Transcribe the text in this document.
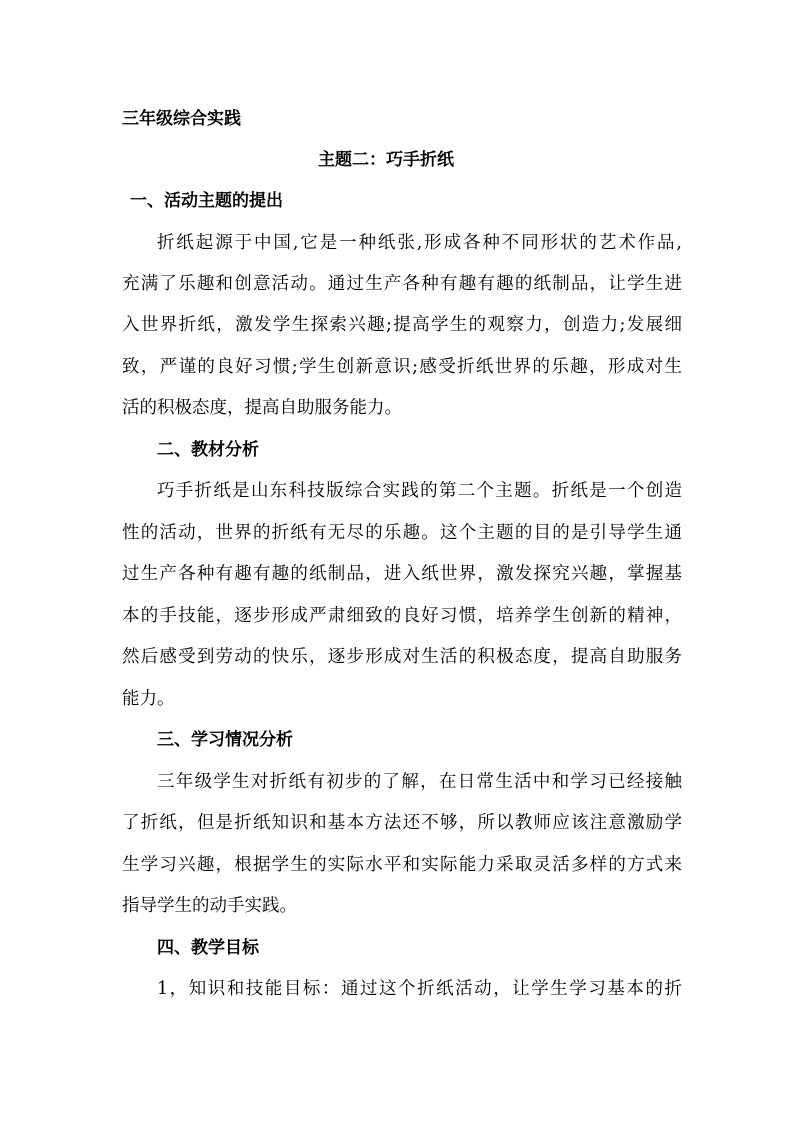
三年级综合实践
主题二：巧手折纸
一、活动主题的提出
折纸起源于中国,它是一种纸张,形成各种不同形状的艺术作品,
充满了乐趣和创意活动。通过生产各种有趣有趣的纸制品，让学生进
入世界折纸，激发学生探索兴趣;提高学生的观察力，创造力;发展细
致，严谨的良好习惯;学生创新意识;感受折纸世界的乐趣，形成对生
活的积极态度，提高自助服务能力。
二、教材分析
巧手折纸是山东科技版综合实践的第二个主题。折纸是一个创造
性的活动，世界的折纸有无尽的乐趣。这个主题的目的是引导学生通
过生产各种有趣有趣的纸制品，进入纸世界，激发探究兴趣，掌握基
本的手技能，逐步形成严肃细致的良好习惯，培养学生创新的精神，
然后感受到劳动的快乐，逐步形成对生活的积极态度，提高自助服务
能力。
三、学习情况分析
三年级学生对折纸有初步的了解，在日常生活中和学习已经接触
了折纸，但是折纸知识和基本方法还不够，所以教师应该注意激励学
生学习兴趣，根据学生的实际水平和实际能力采取灵活多样的方式来
指导学生的动手实践。
四、教学目标
1，知识和技能目标：通过这个折纸活动，让学生学习基本的折
